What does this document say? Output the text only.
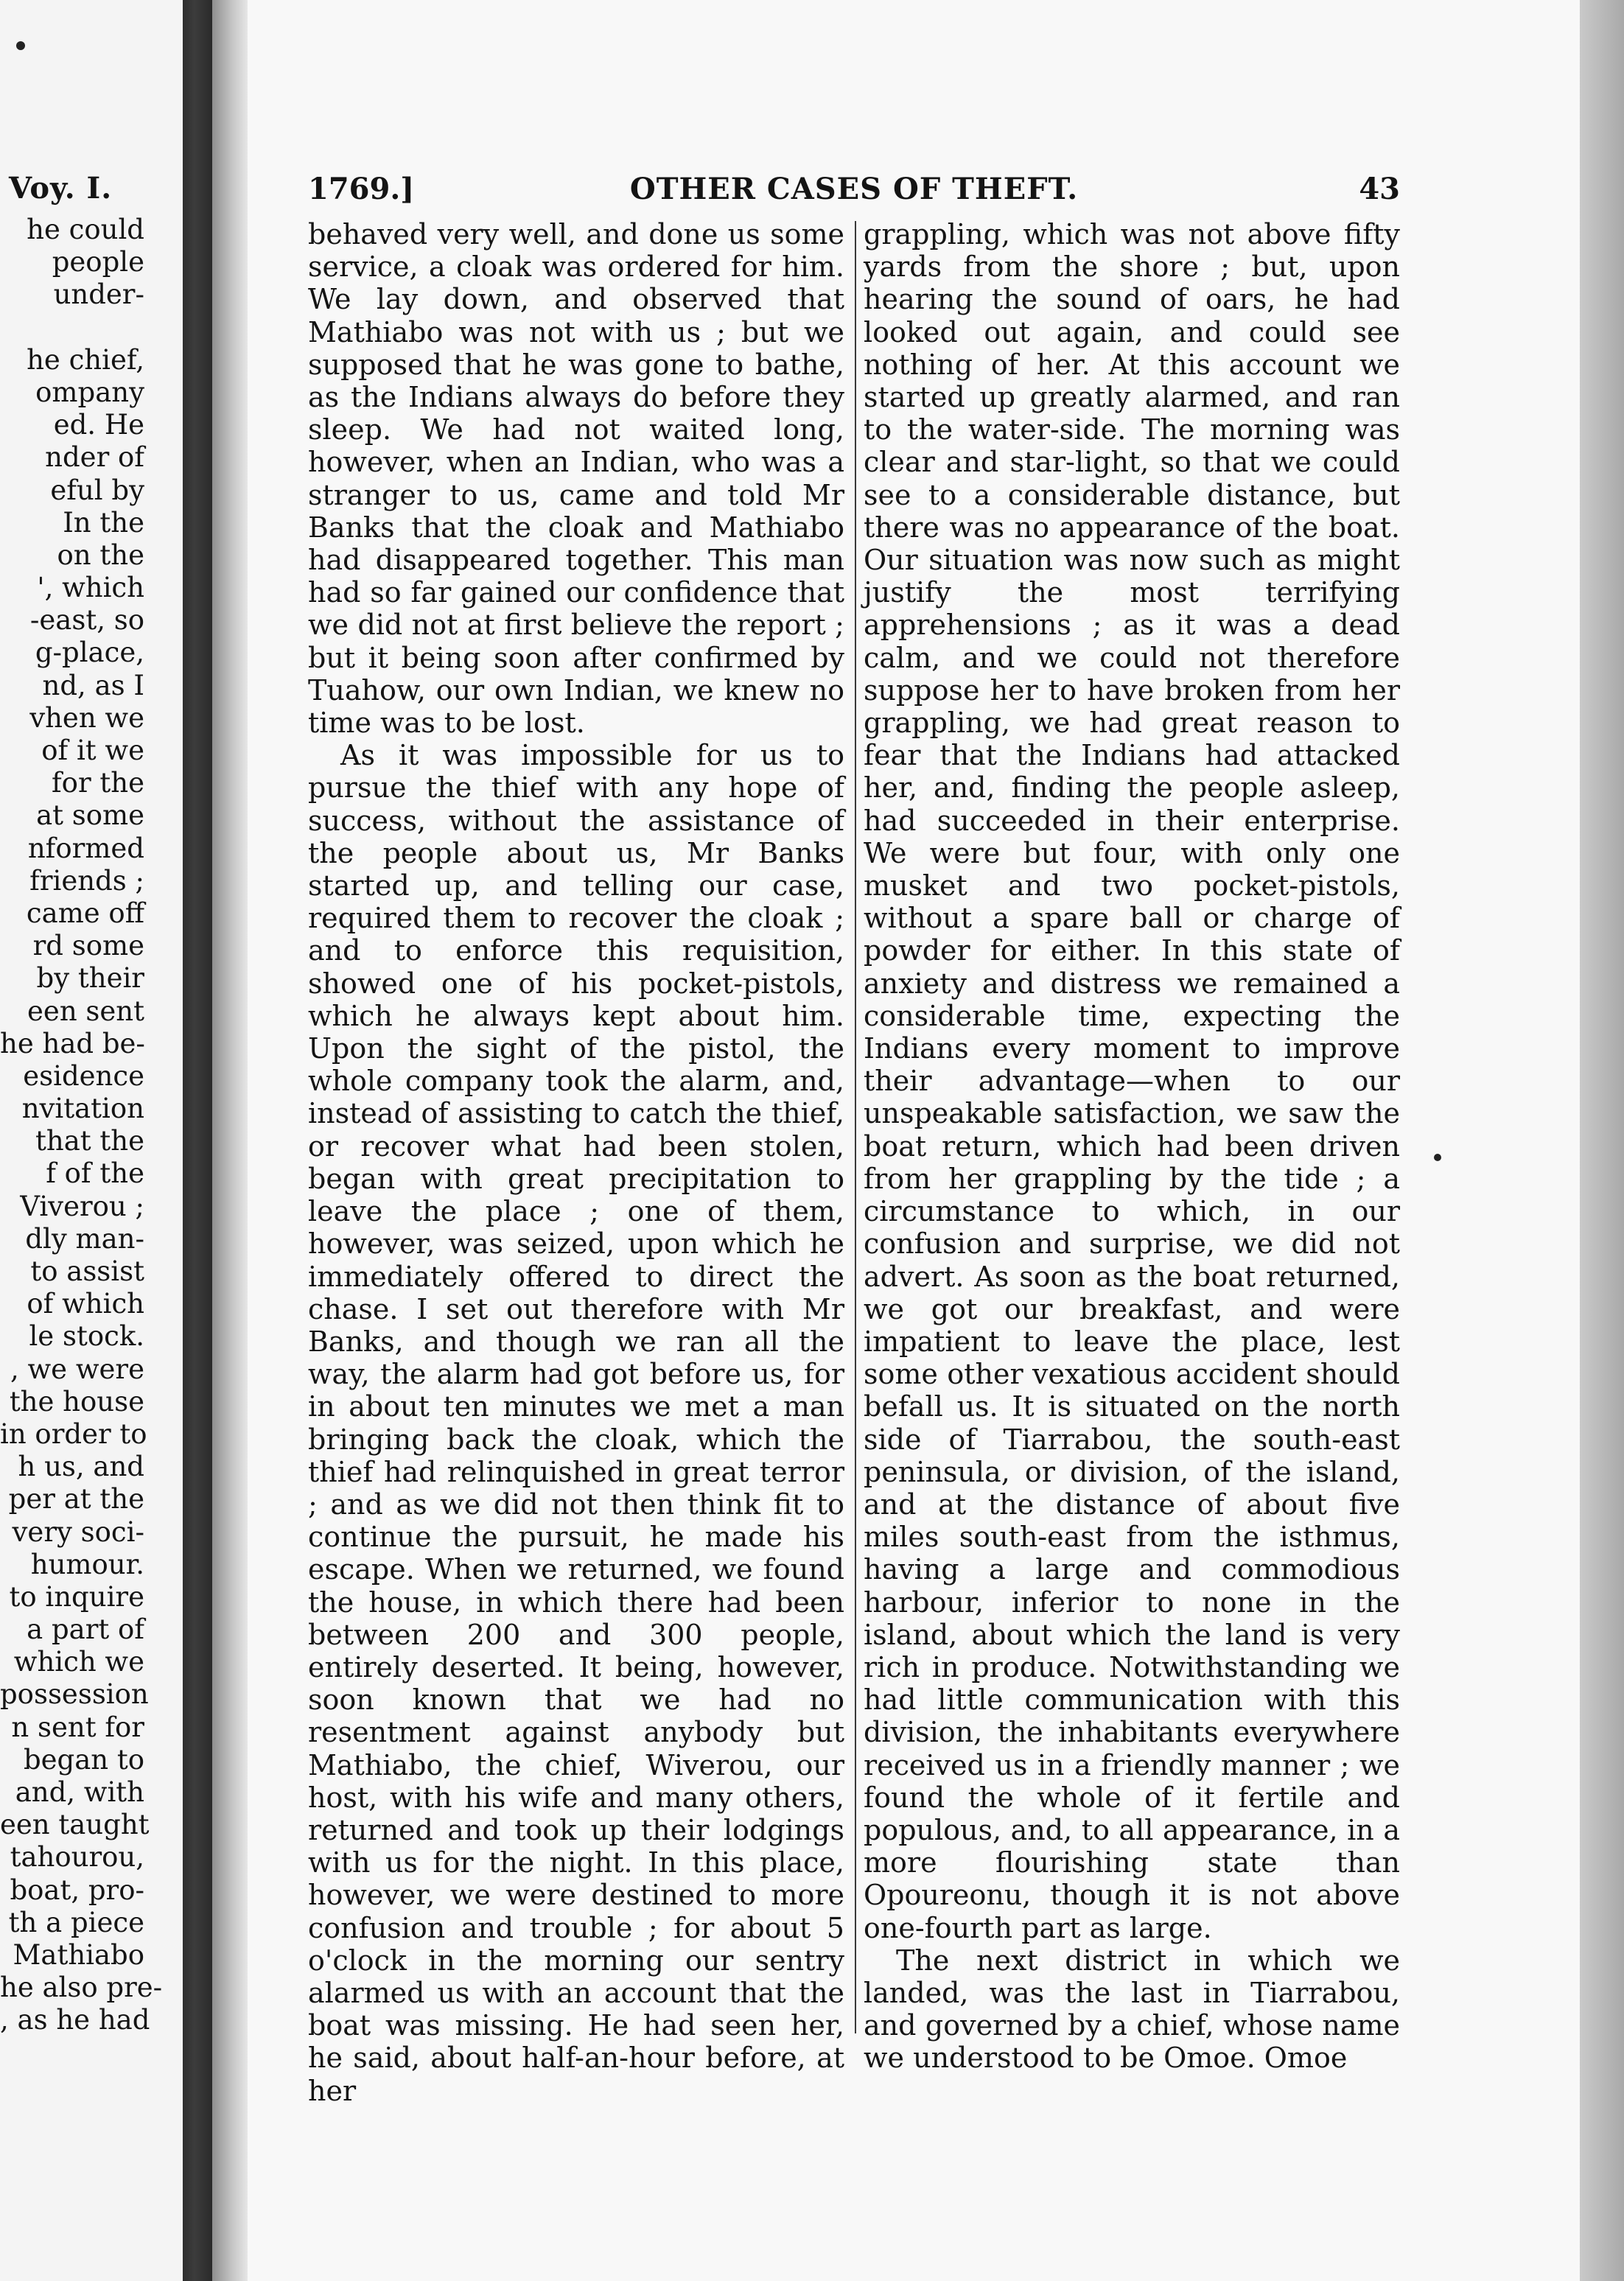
Voy. I.
he could
people
under-
he chief,
ompany
ed. He
nder of
eful by
In the
on the
', which
-east, so
g-place,
nd, as I
vhen we
of it we
for the
at some
nformed
friends ;
came off
rd some
by their
een sent
he had be-
esidence
nvitation
that the
f of the
Viverou ;
dly man-
to assist
of which
le stock.
, we were
the house
in order to
h us, and
per at the
very soci-
humour.
to inquire
a part of
which we
possession
n sent for
began to
and, with
een taught
tahourou,
boat, pro-
th a piece
Mathiabo
he also pre-
, as he had
1769.]	OTHER CASES OF THEFT.	43

behaved very well, and done us some service, a cloak was ordered for him. We lay down, and observed that Mathiabo was not with us ; but we supposed that he was gone to bathe, as the Indians always do before they sleep. We had not waited long, however, when an Indian, who was a stranger to us, came and told Mr Banks that the cloak and Mathiabo had disappeared together. This man had so far gained our confidence that we did not at first believe the report ; but it being soon after confirmed by Tuahow, our own Indian, we knew no time was to be lost.

As it was impossible for us to pursue the thief with any hope of success, without the assistance of the people about us, Mr Banks started up, and telling our case, required them to recover the cloak ; and to enforce this requisition, showed one of his pocket-pistols, which he always kept about him. Upon the sight of the pistol, the whole company took the alarm, and, instead of assisting to catch the thief, or recover what had been stolen, began with great precipitation to leave the place ; one of them, however, was seized, upon which he immediately offered to direct the chase. I set out therefore with Mr Banks, and though we ran all the way, the alarm had got before us, for in about ten minutes we met a man bringing back the cloak, which the thief had relinquished in great terror ; and as we did not then think fit to continue the pursuit, he made his escape. When we returned, we found the house, in which there had been between 200 and 300 people, entirely deserted. It being, however, soon known that we had no resentment against anybody but Mathiabo, the chief, Wiverou, our host, with his wife and many others, returned and took up their lodgings with us for the night. In this place, however, we were destined to more confusion and trouble ; for about 5 o'clock in the morning our sentry alarmed us with an account that the boat was missing. He had seen her, he said, about half-an-hour before, at her

grappling, which was not above fifty yards from the shore ; but, upon hearing the sound of oars, he had looked out again, and could see nothing of her. At this account we started up greatly alarmed, and ran to the water-side. The morning was clear and star-light, so that we could see to a considerable distance, but there was no appearance of the boat. Our situation was now such as might justify the most terrifying apprehensions ; as it was a dead calm, and we could not therefore suppose her to have broken from her grappling, we had great reason to fear that the Indians had attacked her, and, finding the people asleep, had succeeded in their enterprise. We were but four, with only one musket and two pocket-pistols, without a spare ball or charge of powder for either. In this state of anxiety and distress we remained a considerable time, expecting the Indians every moment to improve their advantage—when to our unspeakable satisfaction, we saw the boat return, which had been driven from her grappling by the tide ; a circumstance to which, in our confusion and surprise, we did not advert. As soon as the boat returned, we got our breakfast, and were impatient to leave the place, lest some other vexatious accident should befall us. It is situated on the north side of Tiarrabou, the south-east peninsula, or division, of the island, and at the distance of about five miles south-east from the isthmus, having a large and commodious harbour, inferior to none in the island, about which the land is very rich in produce. Notwithstanding we had little communication with this division, the inhabitants everywhere received us in a friendly manner ; we found the whole of it fertile and populous, and, to all appearance, in a more flourishing state than Opoureonu, though it is not above one-fourth part as large.

The next district in which we landed, was the last in Tiarrabou, and governed by a chief, whose name we understood to be Omoe. Omoe
